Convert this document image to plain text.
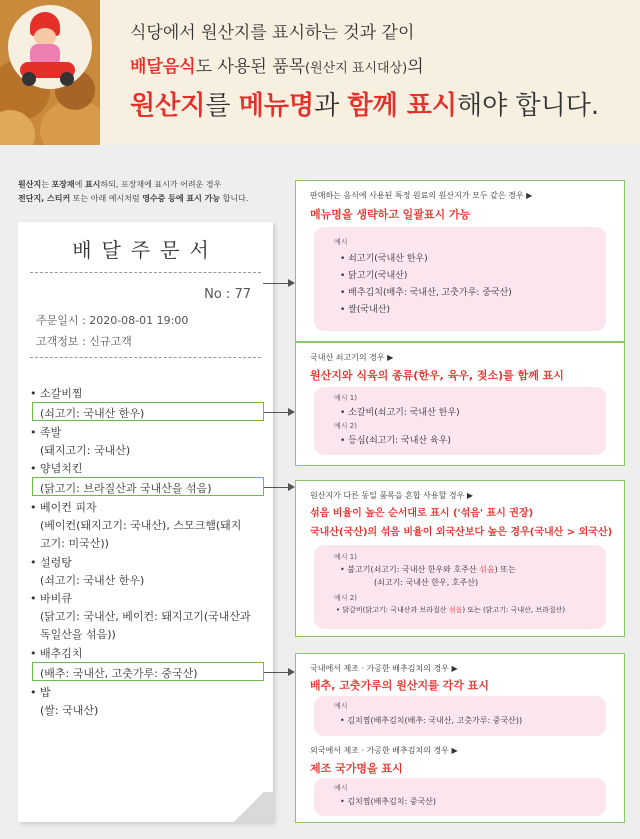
식당에서 원산지를 표시하는 것과 같이
배달음식도 사용된 품목(원산지 표시대상)의
원산지를 메뉴명과 함께 표시해야 합니다.
원산지는 포장재에 표시하되, 포장재에 표시가 어려운 경우
전단지, 스티커 또는 아래 예시처럼 영수증 등에 표시 가능 합니다.
배달주문서
No : 77
주문일시 : 2020-08-01 19:00
고객정보 : 신규고객
• 소갈비찜
(쇠고기: 국내산 한우)
• 족발
(돼지고기: 국내산)
• 양념치킨
(닭고기: 브라질산과 국내산을 섞음)
• 베이컨 피자
(베이컨(돼지고기: 국내산), 스모크햄(돼지
고기: 미국산))
• 설렁탕
(쇠고기: 국내산 한우)
• 바비큐
(닭고기: 국내산, 베이컨: 돼지고기(국내산과
독일산을 섞음))
• 배추김치
(배추: 국내산, 고춧가루: 중국산)
• 밥
(쌀: 국내산)
판매하는 음식에 사용된 특정 원료의 원산지가 모두 같은 경우 ▶
메뉴명을 생략하고 일괄표시 가능
예시
• 쇠고기(국내산 한우)
• 닭고기(국내산)
• 배추김치(배추: 국내산, 고춧가루: 중국산)
• 쌀(국내산)
국내산 쇠고기의 경우 ▶
원산지와 식육의 종류(한우, 육우, 젖소)를 함께 표시
예시 1)
• 소갈비(쇠고기: 국내산 한우)
예시 2)
• 등심(쇠고기: 국내산 육우)
원산지가 다른 동일 품목을 혼합 사용할 경우 ▶
섞음 비율이 높은 순서대로 표시 ('섞음' 표시 권장)
국내산(국산)의 섞음 비율이 외국산보다 높은 경우(국내산 > 외국산)
예시 1)
• 불고기(쇠고기: 국내산 한우와 호주산 섞음) 또는
(쇠고기: 국내산 한우, 호주산)
예시 2)
• 닭갈비(닭고기: 국내산과 브라질산 섞음) 또는 (닭고기: 국내산, 브라질산)
국내에서 제조 · 가공한 배추김치의 경우 ▶
배추, 고춧가루의 원산지를 각각 표시
예시
• 김치찜(배추김치(배추: 국내산, 고춧가루: 중국산))
외국에서 제조 · 가공한 배추김치의 경우 ▶
제조 국가명을 표시
예시
• 김치찜(배추김치: 중국산)
